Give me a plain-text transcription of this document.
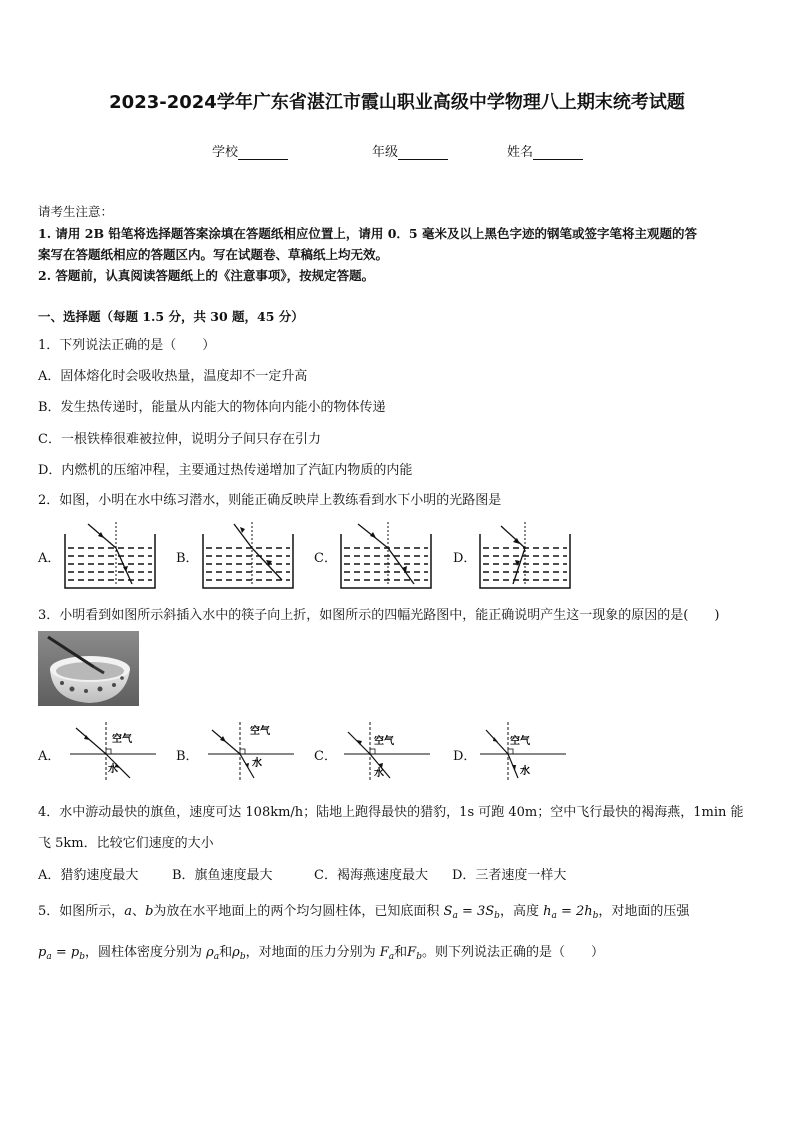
2023-2024学年广东省湛江市霞山职业高级中学物理八上期末统考试题
学校	年级	姓名
请考生注意：
1. 请用 2B 铅笔将选择题答案涂填在答题纸相应位置上，请用 0．5 毫米及以上黑色字迹的钢笔或签字笔将主观题的答
案写在答题纸相应的答题区内。写在试题卷、草稿纸上均无效。
2. 答题前，认真阅读答题纸上的《注意事项》，按规定答题。
一、选择题（每题 1.5 分，共 30 题，45 分）
1．下列说法正确的是（　　）
A．固体熔化时会吸收热量，温度却不一定升高
B．发生热传递时，能量从内能大的物体向内能小的物体传递
C．一根铁棒很难被拉伸，说明分子间只存在引力
D．内燃机的压缩冲程，主要通过热传递增加了汽缸内物质的内能
2．如图，小明在水中练习潜水，则能正确反映岸上教练看到水下小明的光路图是
A．	B．	C．	D．
3．小明看到如图所示斜插入水中的筷子向上折，如图所示的四幅光路图中，能正确说明产生这一现象的原因的是(　　)
A．	B．	C．	D．
空气
水
空气
水
空气
水
空气
水
4．水中游动最快的旗鱼，速度可达 108km/h；陆地上跑得最快的猎豹，1s 可跑 40m；空中飞行最快的褐海燕，1min 能
飞 5km．比较它们速度的大小
A．猎豹速度最大	B．旗鱼速度最大	C．褐海燕速度最大 D．三者速度一样大
5．如图所示，a、b为放在水平地面上的两个均匀圆柱体，已知底面积 $S_a = 3S_b$，高度 $h_a = 2h_b$，对地面的压强
$p_a = p_b$，圆柱体密度分别为 $\rho_a$和$\rho_b$，对地面的压力分别为 $F_a$和$F_b$。则下列说法正确的是（　　）
